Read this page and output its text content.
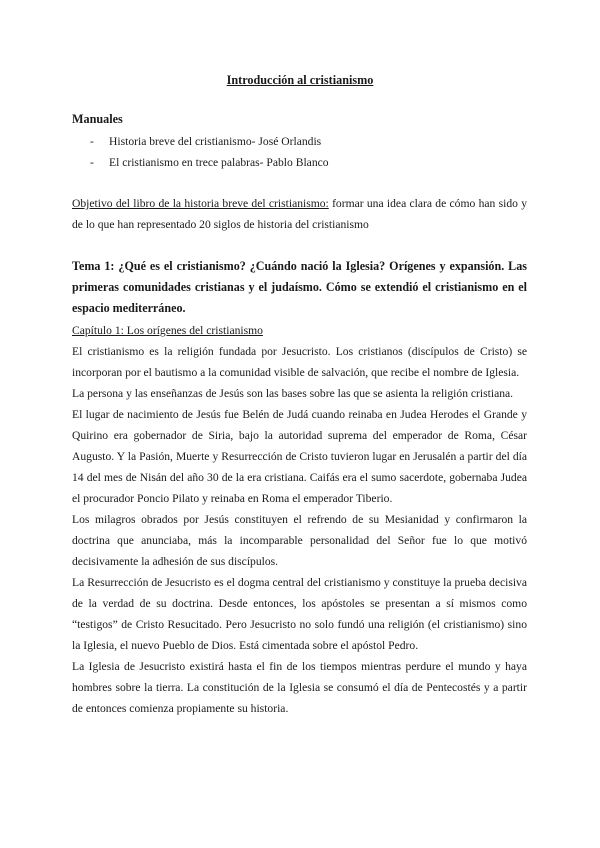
Introducción al cristianismo
Manuales
-	Historia breve del cristianismo- José Orlandis
-	El cristianismo en trece palabras- Pablo Blanco
Objetivo del libro de la historia breve del cristianismo: formar una idea clara de cómo han sido y de lo que han representado 20 siglos de historia del cristianismo
Tema 1: ¿Qué es el cristianismo? ¿Cuándo nació la Iglesia? Orígenes y expansión. Las primeras comunidades cristianas y el judaísmo. Cómo se extendió el cristianismo en el espacio mediterráneo.

Capítulo 1: Los orígenes del cristianismo

El cristianismo es la religión fundada por Jesucristo. Los cristianos (discípulos de Cristo) se incorporan por el bautismo a la comunidad visible de salvación, que recibe el nombre de Iglesia.

La persona y las enseñanzas de Jesús son las bases sobre las que se asienta la religión cristiana.

El lugar de nacimiento de Jesús fue Belén de Judá cuando reinaba en Judea Herodes el Grande y Quirino era gobernador de Siria, bajo la autoridad suprema del emperador de Roma, César Augusto. Y la Pasión, Muerte y Resurrección de Cristo tuvieron lugar en Jerusalén a partir del día 14 del mes de Nisán del año 30 de la era cristiana. Caifás era el sumo sacerdote, gobernaba Judea el procurador Poncio Pilato y reinaba en Roma el emperador Tiberio.

Los milagros obrados por Jesús constituyen el refrendo de su Mesianidad y confirmaron la doctrina que anunciaba, más la incomparable personalidad del Señor fue lo que motivó decisivamente la adhesión de sus discípulos.

La Resurrección de Jesucristo es el dogma central del cristianismo y constituye la prueba decisiva de la verdad de su doctrina. Desde entonces, los apóstoles se presentan a sí mismos como “testigos” de Cristo Resucitado. Pero Jesucristo no solo fundó una religión (el cristianismo) sino la Iglesia, el nuevo Pueblo de Dios. Está cimentada sobre el apóstol Pedro.

La Iglesia de Jesucristo existirá hasta el fin de los tiempos mientras perdure el mundo y haya hombres sobre la tierra. La constitución de la Iglesia se consumó el día de Pentecostés y a partir de entonces comienza propiamente su historia.
